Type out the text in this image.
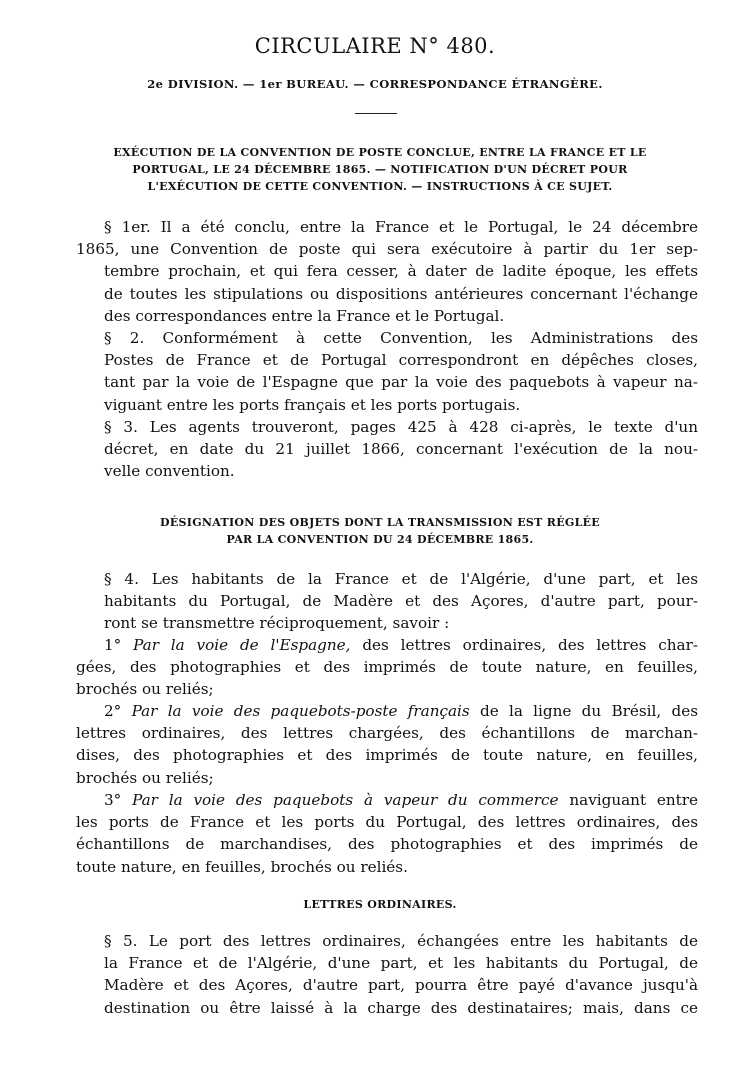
CIRCULAIRE N° 480.
2e DIVISION. — 1er BUREAU. — CORRESPONDANCE ÉTRANGÈRE.
EXÉCUTION DE LA CONVENTION DE POSTE CONCLUE, ENTRE LA FRANCE ET LE
PORTUGAL, LE 24 DÉCEMBRE 1865. — NOTIFICATION D'UN DÉCRET POUR
L'EXÉCUTION DE CETTE CONVENTION. — INSTRUCTIONS À CE SUJET.
§ 1er. Il a été conclu, entre la France et le Portugal, le 24 décembre
1865, une Convention de poste qui sera exécutoire à partir du 1er sep-
tembre prochain, et qui fera cesser, à dater de ladite époque, les effets
de toutes les stipulations ou dispositions antérieures concernant l'échange
des correspondances entre la France et le Portugal.
§ 2. Conformément à cette Convention, les Administrations des
Postes de France et de Portugal correspondront en dépêches closes,
tant par la voie de l'Espagne que par la voie des paquebots à vapeur na-
viguant entre les ports français et les ports portugais.
§ 3. Les agents trouveront, pages 425 à 428 ci-après, le texte d'un
décret, en date du 21 juillet 1866, concernant l'exécution de la nou-
velle convention.
DÉSIGNATION DES OBJETS DONT LA TRANSMISSION EST RÉGLÉE
PAR LA CONVENTION DU 24 DÉCEMBRE 1865.
§ 4. Les habitants de la France et de l'Algérie, d'une part, et les
habitants du Portugal, de Madère et des Açores, d'autre part, pour-
ront se transmettre réciproquement, savoir :
1° Par la voie de l'Espagne, des lettres ordinaires, des lettres char-
gées, des photographies et des imprimés de toute nature, en feuilles,
brochés ou reliés;
2° Par la voie des paquebots-poste français de la ligne du Brésil, des
lettres ordinaires, des lettres chargées, des échantillons de marchan-
dises, des photographies et des imprimés de toute nature, en feuilles,
brochés ou reliés;
3° Par la voie des paquebots à vapeur du commerce naviguant entre
les ports de France et les ports du Portugal, des lettres ordinaires, des
échantillons de marchandises, des photographies et des imprimés de
toute nature, en feuilles, brochés ou reliés.
LETTRES ORDINAIRES.
§ 5. Le port des lettres ordinaires, échangées entre les habitants de
la France et de l'Algérie, d'une part, et les habitants du Portugal, de
Madère et des Açores, d'autre part, pourra être payé d'avance jusqu'à
destination ou être laissé à la charge des destinataires; mais, dans ce
